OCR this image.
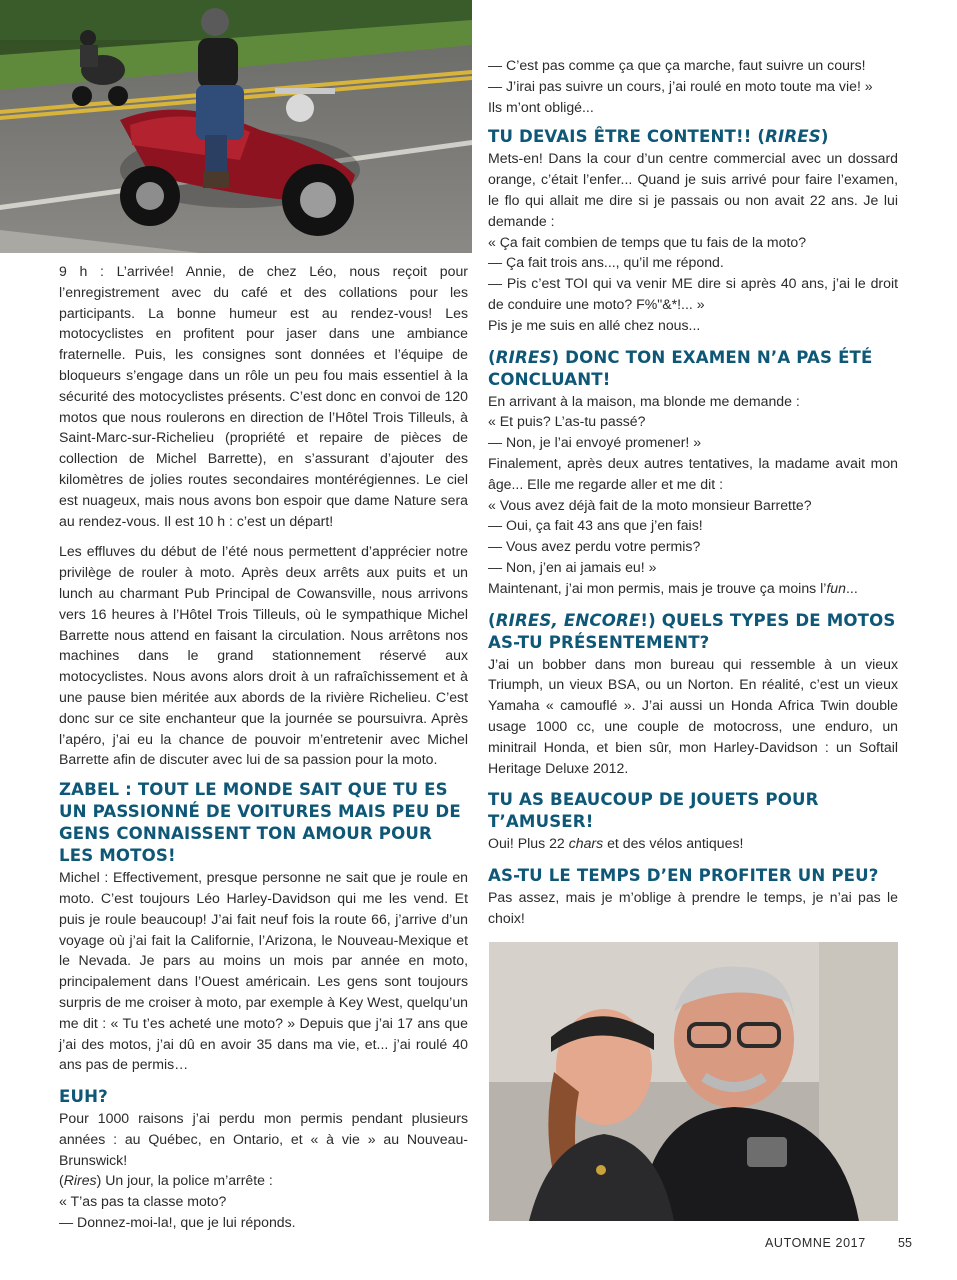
9 h : L’arrivée! Annie, de chez Léo, nous reçoit pour l’enregistrement avec du café et des collations pour les participants. La bonne humeur est au rendez-vous! Les motocyclistes en profitent pour jaser dans une ambiance fraternelle. Puis, les consignes sont données et l’équipe de bloqueurs s’engage dans un rôle un peu fou mais essentiel à la sécurité des motocyclistes présents. C’est donc en convoi de 120 motos que nous roulerons en direction de l’Hôtel Trois Tilleuls, à Saint-Marc-sur-Richelieu (propriété et repaire de pièces de collection de Michel Barrette), en s’assurant d’ajouter des kilomètres de jolies routes secondaires montérégiennes. Le ciel est nuageux, mais nous avons bon espoir que dame Nature sera au rendez-vous. Il est 10 h : c’est un départ!

Les effluves du début de l’été nous permettent d’apprécier notre privilège de rouler à moto. Après deux arrêts aux puits et un lunch au charmant Pub Principal de Cowansville, nous arrivons vers 16 heures à l’Hôtel Trois Tilleuls, où le sympathique Michel Barrette nous attend en faisant la circulation. Nous arrêtons nos machines dans le grand stationnement réservé aux motocyclistes. Nous avons alors droit à un rafraîchissement et à une pause bien méritée aux abords de la rivière Richelieu. C’est donc sur ce site enchanteur que la journée se poursuivra. Après l’apéro, j’ai eu la chance de pouvoir m’entretenir avec Michel Barrette afin de discuter avec lui de sa passion pour la moto.

ZABEL : TOUT LE MONDE SAIT QUE TU ES UN PASSIONNÉ DE VOITURES MAIS PEU DE GENS CONNAISSENT TON AMOUR POUR LES MOTOS!

Michel : Effectivement, presque personne ne sait que je roule en moto. C’est toujours Léo Harley-Davidson qui me les vend. Et puis je roule beaucoup! J’ai fait neuf fois la route 66, j’arrive d’un voyage où j’ai fait la Californie, l’Arizona, le Nouveau-Mexique et le Nevada. Je pars au moins un mois par année en moto, principalement dans l’Ouest américain. Les gens sont toujours surpris de me croiser à moto, par exemple à Key West, quelqu’un me dit : « Tu t’es acheté une moto? » Depuis que j’ai 17 ans que j’ai des motos, j’ai dû en avoir 35 dans ma vie, et... j’ai roulé 40 ans pas de permis…

EUH?

Pour 1000 raisons j’ai perdu mon permis pendant plusieurs années : au Québec, en Ontario, et « à vie » au Nouveau-Brunswick!

(Rires) Un jour, la police m’arrête :

« T’as pas ta classe moto?

— Donnez-moi-la!, que je lui réponds.

— C’est pas comme ça que ça marche, faut suivre un cours!

— J’irai pas suivre un cours, j’ai roulé en moto toute ma vie! »

Ils m’ont obligé...

TU DEVAIS ÊTRE CONTENT!! (RIRES)

Mets-en! Dans la cour d’un centre commercial avec un dossard orange, c’était l’enfer... Quand je suis arrivé pour faire l’examen, le flo qui allait me dire si je passais ou non avait 22 ans. Je lui demande :

« Ça fait combien de temps que tu fais de la moto?

— Ça fait trois ans..., qu’il me répond.

— Pis c’est TOI qui va venir ME dire si après 40 ans, j’ai le droit de conduire une moto? F%"&*!... »

Pis je me suis en allé chez nous...

(RIRES) DONC TON EXAMEN N’A PAS ÉTÉ CONCLUANT!

En arrivant à la maison, ma blonde me demande :

« Et puis? L’as-tu passé?

— Non, je l’ai envoyé promener! »

Finalement, après deux autres tentatives, la madame avait mon âge... Elle me regarde aller et me dit :

« Vous avez déjà fait de la moto monsieur Barrette?

— Oui, ça fait 43 ans que j’en fais!

— Vous avez perdu votre permis?

— Non, j’en ai jamais eu! »

Maintenant, j’ai mon permis, mais je trouve ça moins l’fun...

(RIRES, ENCORE!) QUELS TYPES DE MOTOS AS-TU PRÉSENTEMENT?

J’ai un bobber dans mon bureau qui ressemble à un vieux Triumph, un vieux BSA, ou un Norton. En réalité, c’est un vieux Yamaha « camouflé ». J’ai aussi un Honda Africa Twin double usage 1000 cc, une couple de motocross, une enduro, un minitrail Honda, et bien sûr, mon Harley-Davidson : un Softail Heritage Deluxe 2012.

TU AS BEAUCOUP DE JOUETS POUR T’AMUSER!

Oui! Plus 22 chars et des vélos antiques!

AS-TU LE TEMPS D’EN PROFITER UN PEU?

Pas assez, mais je m’oblige à prendre le temps, je n’ai pas le choix!

AUTOMNE 2017	55
